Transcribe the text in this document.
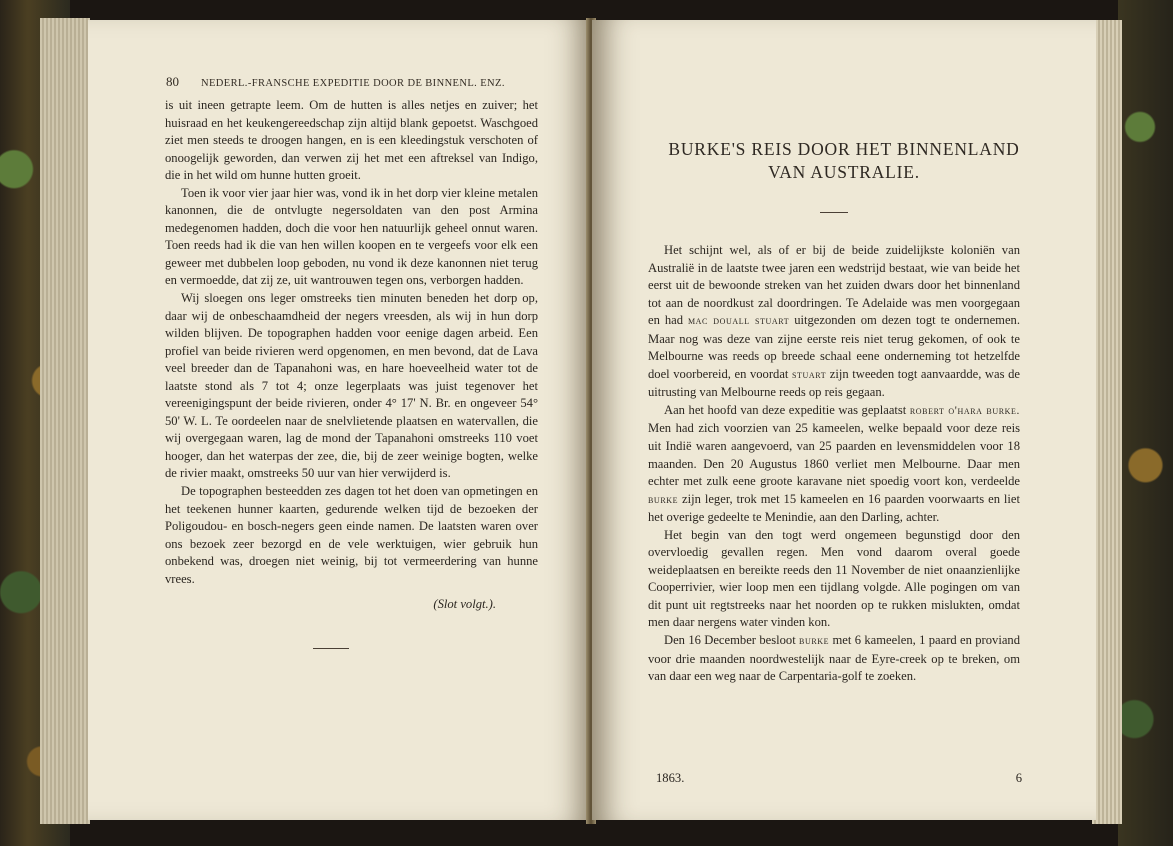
80 NEDERL.-FRANSCHE EXPEDITIE DOOR DE BINNENL. ENZ.

is uit ineen getrapte leem. Om de hutten is alles netjes en zuiver; het huisraad en het keukengereedschap zijn altijd blank gepoetst. Waschgoed ziet men steeds te droogen hangen, en is een kleedingstuk verschoten of onoogelijk geworden, dan verwen zij het met een aftreksel van Indigo, die in het wild om hunne hutten groeit.

Toen ik voor vier jaar hier was, vond ik in het dorp vier kleine metalen kanonnen, die de ontvlugte negersoldaten van den post Armina medegenomen hadden, doch die voor hen natuurlijk geheel onnut waren. Toen reeds had ik die van hen willen koopen en te vergeefs voor elk een geweer met dubbelen loop geboden, nu vond ik deze kanonnen niet terug en vermoedde, dat zij ze, uit wantrouwen tegen ons, verborgen hadden.

Wij sloegen ons leger omstreeks tien minuten beneden het dorp op, daar wij de onbeschaamdheid der negers vreesden, als wij in hun dorp wilden blijven. De topographen hadden voor eenige dagen arbeid. Een profiel van beide rivieren werd opgenomen, en men bevond, dat de Lava veel breeder dan de Tapanahoni was, en hare hoeveelheid water tot de laatste stond als 7 tot 4; onze legerplaats was juist tegenover het vereenigingspunt der beide rivieren, onder 4° 17' N. Br. en ongeveer 54° 50' W. L. Te oordeelen naar de snelvlietende plaatsen en watervallen, die wij overgegaan waren, lag de mond der Tapanahoni omstreeks 110 voet hooger, dan het waterpas der zee, die, bij de zeer weinige bogten, welke de rivier maakt, omstreeks 50 uur van hier verwijderd is.

De topographen besteedden zes dagen tot het doen van opmetingen en het teekenen hunner kaarten, gedurende welken tijd de bezoeken der Poligoudou- en bosch-negers geen einde namen. De laatsten waren over ons bezoek zeer bezorgd en de vele werktuigen, wier gebruik hun onbekend was, droegen niet weinig, bij tot vermeerdering van hunne vrees.

(Slot volgt.).
BURKE'S REIS DOOR HET BINNENLAND
VAN AUSTRALIE.

Het schijnt wel, als of er bij de beide zuidelijkste koloniën van Australië in de laatste twee jaren een wedstrijd bestaat, wie van beide het eerst uit de bewoonde streken van het zuiden dwars door het binnenland tot aan de noordkust zal doordringen. Te Adelaide was men voorgegaan en had mac douall stuart uitgezonden om dezen togt te ondernemen. Maar nog was deze van zijne eerste reis niet terug gekomen, of ook te Melbourne was reeds op breede schaal eene onderneming tot hetzelfde doel voorbereid, en voordat stuart zijn tweeden togt aanvaardde, was de uitrusting van Melbourne reeds op reis gegaan.

Aan het hoofd van deze expeditie was geplaatst robert o'hara burke. Men had zich voorzien van 25 kameelen, welke bepaald voor deze reis uit Indië waren aangevoerd, van 25 paarden en levensmiddelen voor 18 maanden. Den 20 Augustus 1860 verliet men Melbourne. Daar men echter met zulk eene groote karavane niet spoedig voort kon, verdeelde burke zijn leger, trok met 15 kameelen en 16 paarden voorwaarts en liet het overige gedeelte te Menindie, aan den Darling, achter.

Het begin van den togt werd ongemeen begunstigd door den overvloedig gevallen regen. Men vond daarom overal goede weideplaatsen en bereikte reeds den 11 November de niet onaanzienlijke Cooperrivier, wier loop men een tijdlang volgde. Alle pogingen om van dit punt uit regtstreeks naar het noorden op te rukken mislukten, omdat men daar nergens water vinden kon.

Den 16 December besloot burke met 6 kameelen, 1 paard en proviand voor drie maanden noordwestelijk naar de Eyre-creek op te breken, om van daar een weg naar de Carpentaria-golf te zoeken.

1863.	6
